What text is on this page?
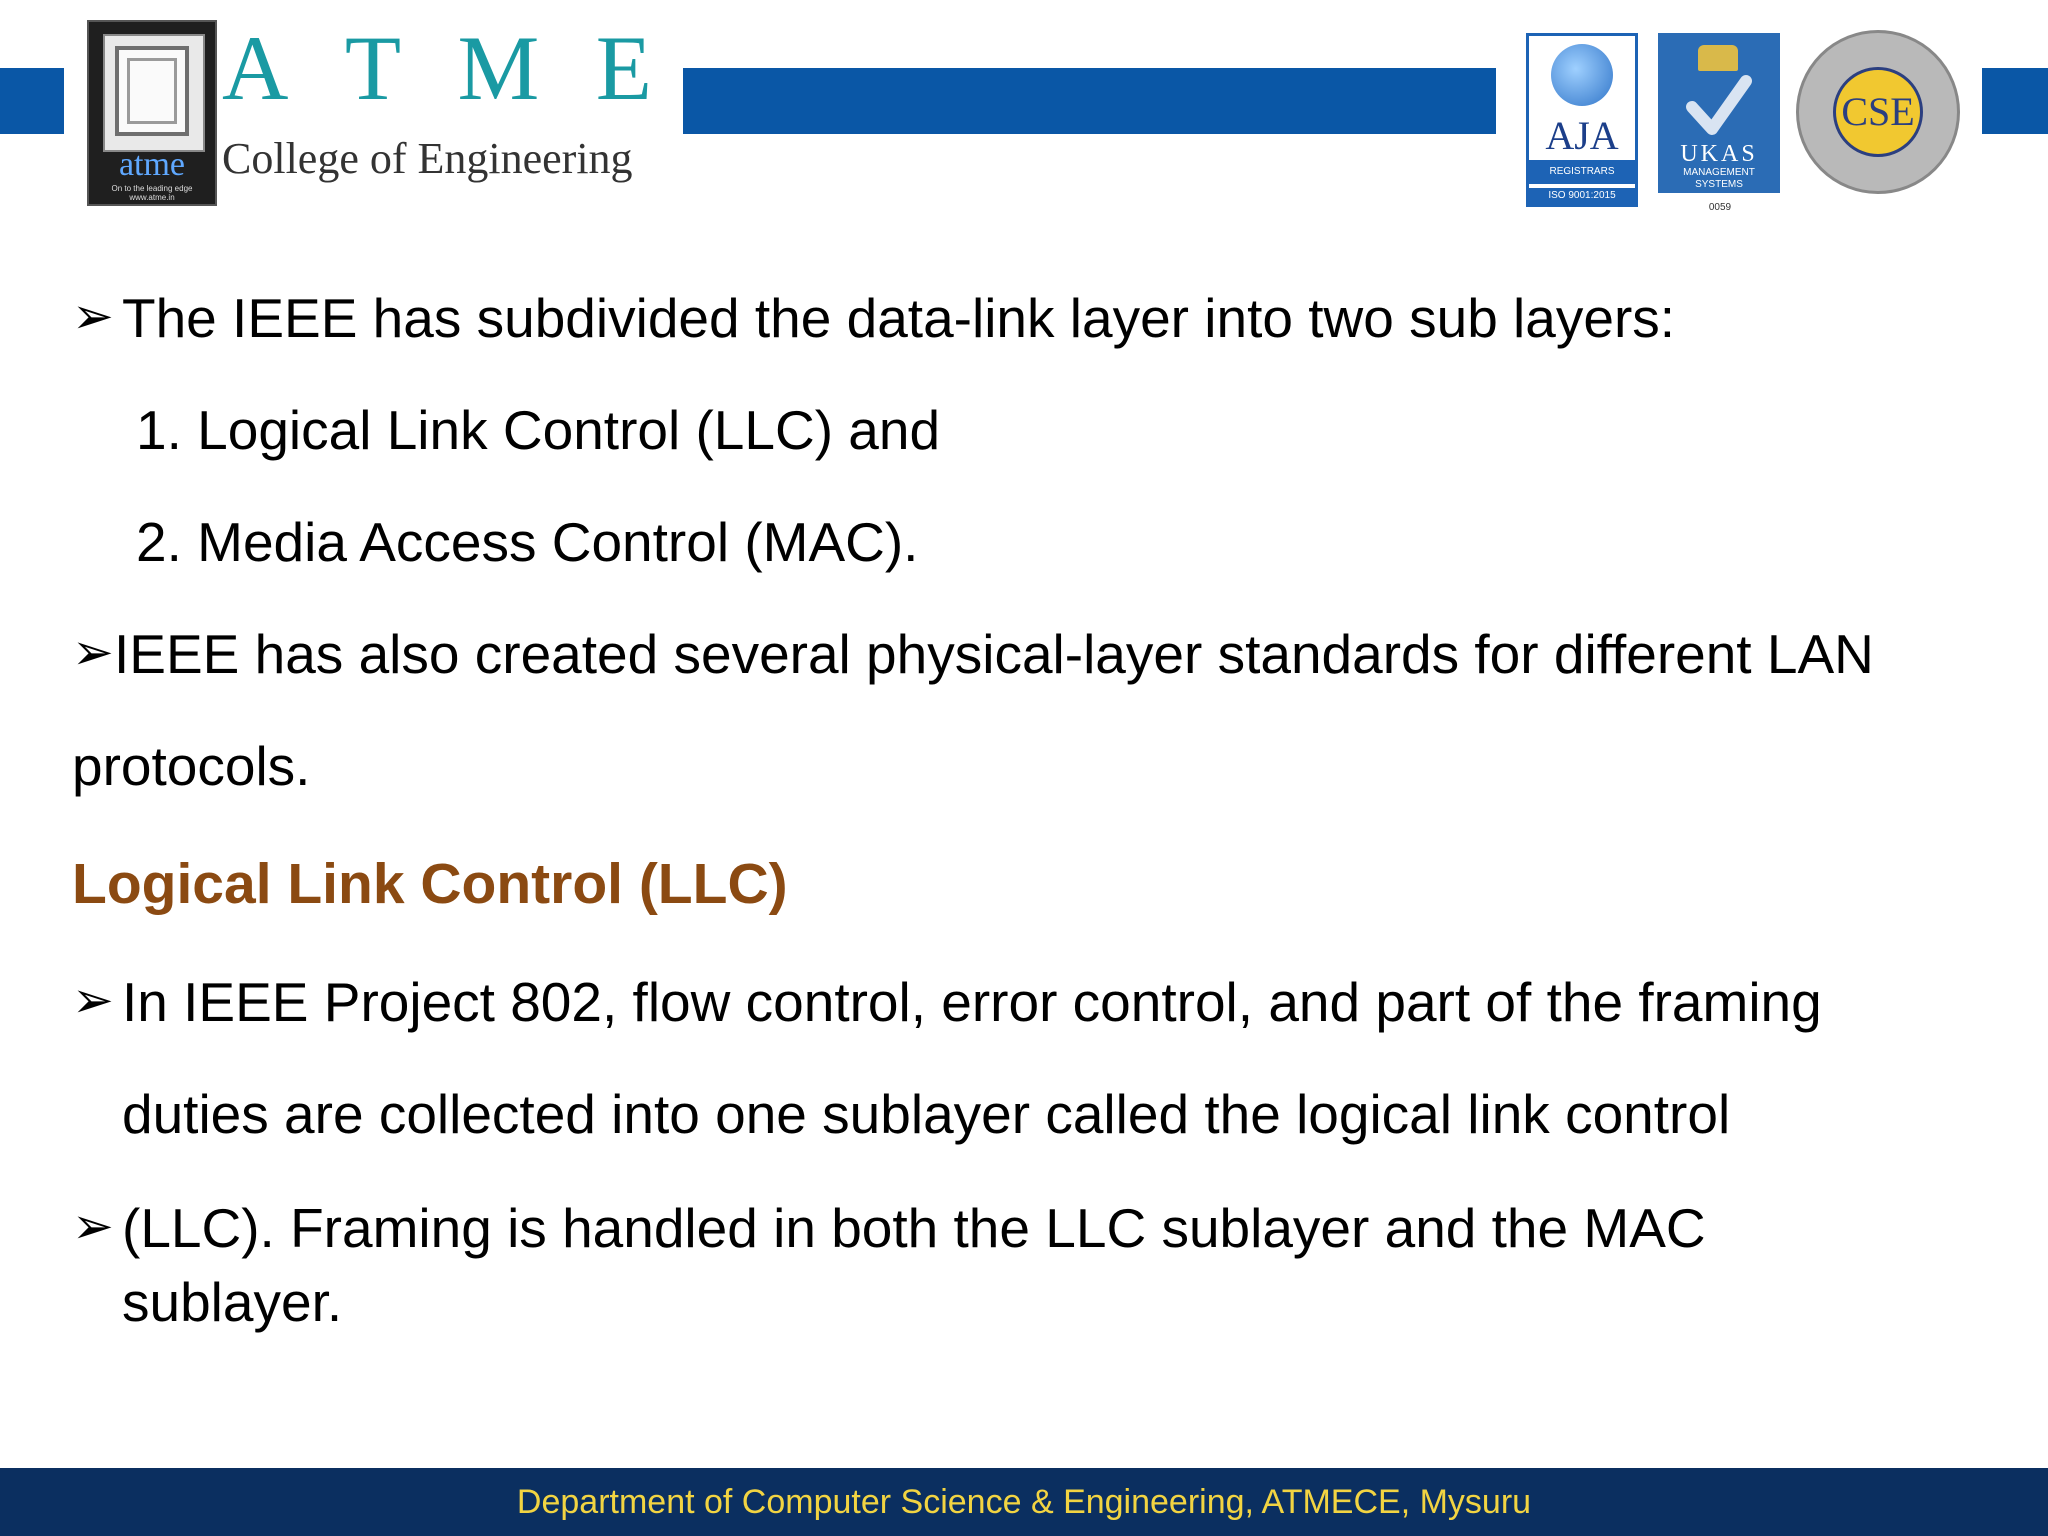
atme
On to the leading edge
www.atme.in
A T M E
College of Engineering	AJA
REGISTRARS
ISO 9001:2015
UKAS
MANAGEMENT SYSTEMS
0059
CSE
➢ The IEEE has subdivided the data-link layer into two sub layers:
1. Logical Link Control (LLC) and
2. Media Access Control (MAC).
➢ IEEE has also created several physical-layer standards for different LAN
protocols.
Logical Link Control (LLC)
➢ In IEEE Project 802, flow control, error control, and part of the framing
duties are collected into one sublayer called the logical link control
➢ (LLC). Framing is handled in both the LLC sublayer and the MAC
sublayer.
Department of Computer Science & Engineering, ATMECE, Mysuru
